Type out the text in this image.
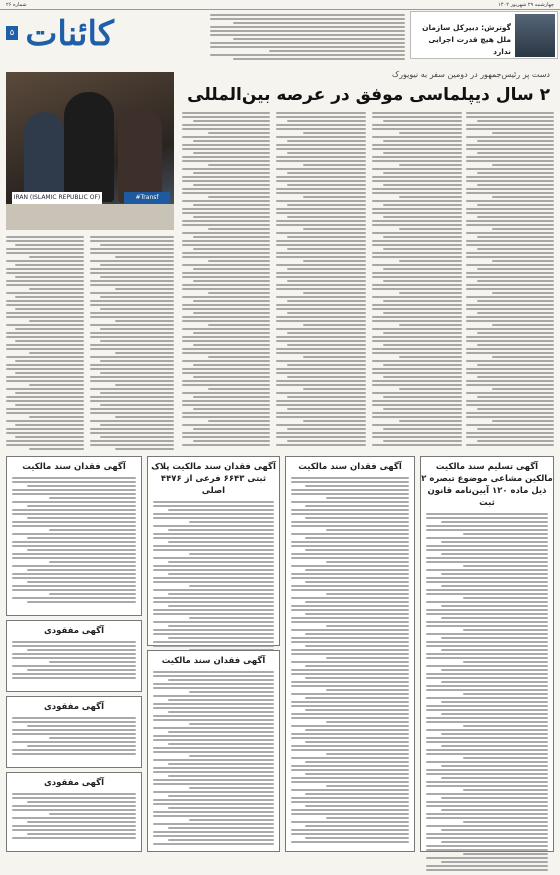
چهارشنبه ۲۹ شهریور ۱۴۰۲
شماره ۲۶
کائنات
۵
گوترش: دبیرکل سازمان ملل هیچ قدرت اجرایی ندارد
دست پر رئیس‌جمهور در دومین سفر به نیویورک
۲ سال دیپلماسی موفق در عرصه بین‌المللی
IRAN (ISLAMIC REPUBLIC OF)	#Transf
آگهی تسلیم سند مالکیت مالکین مشاعی موضوع تبصره ۲ ذیل ماده ۱۲۰ آیین‌نامه قانون ثبت
آگهی فقدان سند مالکیت
آگهی فقدان سند مالکیت پلاک ثبتی ۶۶۴۳ فرعی از ۴۴۷۶ اصلی
آگهی فقدان سند مالکیت
آگهی فقدان سند مالکیت
آگهی مفقودی
آگهی مفقودی
آگهی مفقودی
